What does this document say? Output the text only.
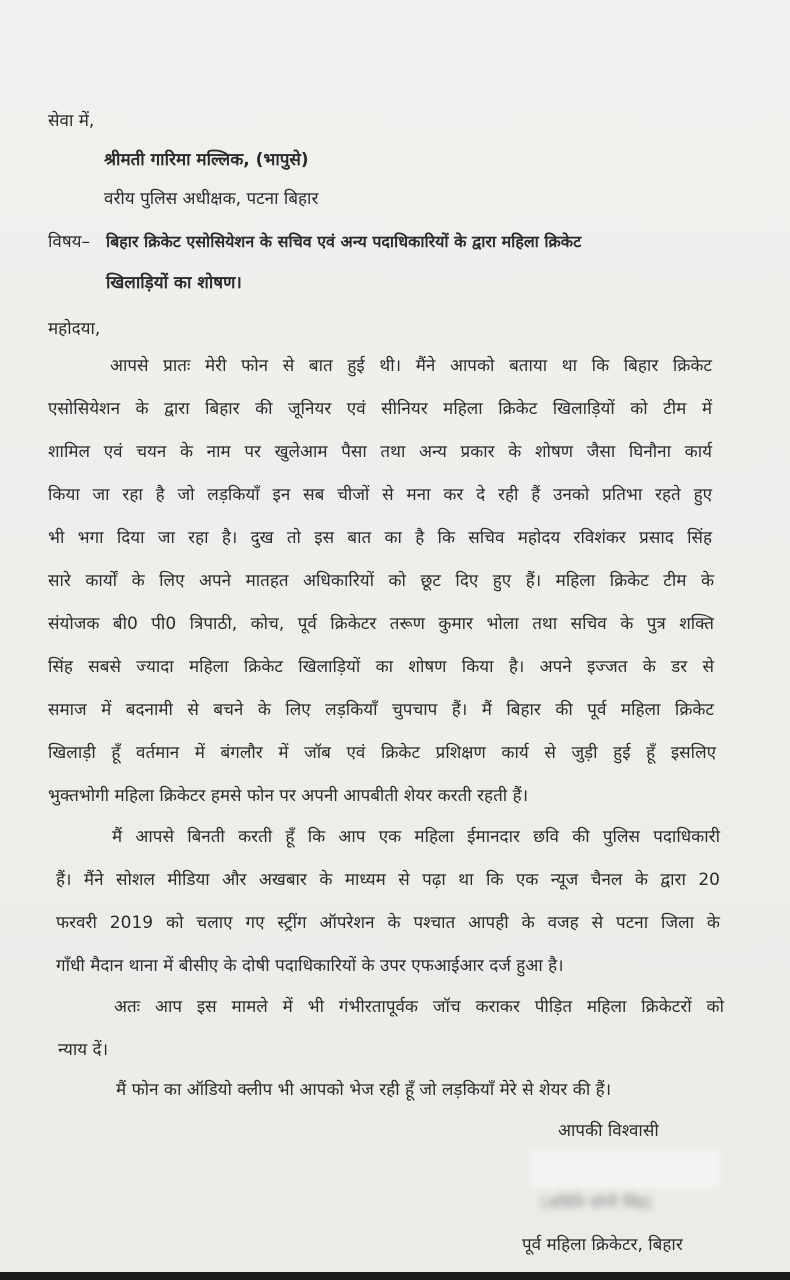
सेवा में,
श्रीमती गारिमा मल्लिक, (भापुसे)
वरीय पुलिस अधीक्षक, पटना बिहार
विषय– बिहार क्रिकेट एसोसियेशन के सचिव एवं अन्य पदाधिकारियों के द्वारा महिला क्रिकेट
खिलाड़ियों का शोषण।
महोदया,
आपसे प्रातः मेरी फोन से बात हुई थी। मैंने आपको बताया था कि बिहार क्रिकेट
एसोसियेशन के द्वारा बिहार की जूनियर एवं सीनियर महिला क्रिकेट खिलाड़ियों को टीम में
शामिल एवं चयन के नाम पर खुलेआम पैसा तथा अन्य प्रकार के शोषण जैसा घिनौना कार्य
किया जा रहा है जो लड़कियाँ इन सब चीजों से मना कर दे रही हैं उनको प्रतिभा रहते हुए
भी भगा दिया जा रहा है। दुख तो इस बात का है कि सचिव महोदय रविशंकर प्रसाद सिंह
सारे कार्यों के लिए अपने मातहत अधिकारियों को छूट दिए हुए हैं। महिला क्रिकेट टीम के
संयोजक बी0 पी0 त्रिपाठी, कोच, पूर्व क्रिकेटर तरूण कुमार भोला तथा सचिव के पुत्र शक्ति
सिंह सबसे ज्यादा महिला क्रिकेट खिलाड़ियों का शोषण किया है। अपने इज्जत के डर से
समाज में बदनामी से बचने के लिए लड़कियाँ चुपचाप हैं। मैं बिहार की पूर्व महिला क्रिकेट
खिलाड़ी हूँ वर्तमान में बंगलौर में जॉब एवं क्रिकेट प्रशिक्षण कार्य से जुड़ी हुई हूँ इसलिए
भुक्तभोगी महिला क्रिकेटर हमसे फोन पर अपनी आपबीती शेयर करती रहती हैं।
मैं आपसे बिनती करती हूँ कि आप एक महिला ईमानदार छवि की पुलिस पदाधिकारी
हैं। मैंने सोशल मीडिया और अखबार के माध्यम से पढ़ा था कि एक न्यूज चैनल के द्वारा 20
फरवरी 2019 को चलाए गए स्ट्रींग ऑपरेशन के पश्चात आपही के वजह से पटना जिला के
गाँधी मैदान थाना में बीसीए के दोषी पदाधिकारियों के उपर एफआईआर दर्ज हुआ है।
अतः आप इस मामले में भी गंभीरतापूर्वक जॉच कराकर पीड़ित महिला क्रिकेटरों को
न्याय दें।
मैं फोन का ऑडियो क्लीप भी आपको भेज रही हूँ जो लड़कियाँ मेरे से शेयर की हैं।
आपकी विश्वासी
(अदिति सोनी सिंह)
पूर्व महिला क्रिकेटर, बिहार
